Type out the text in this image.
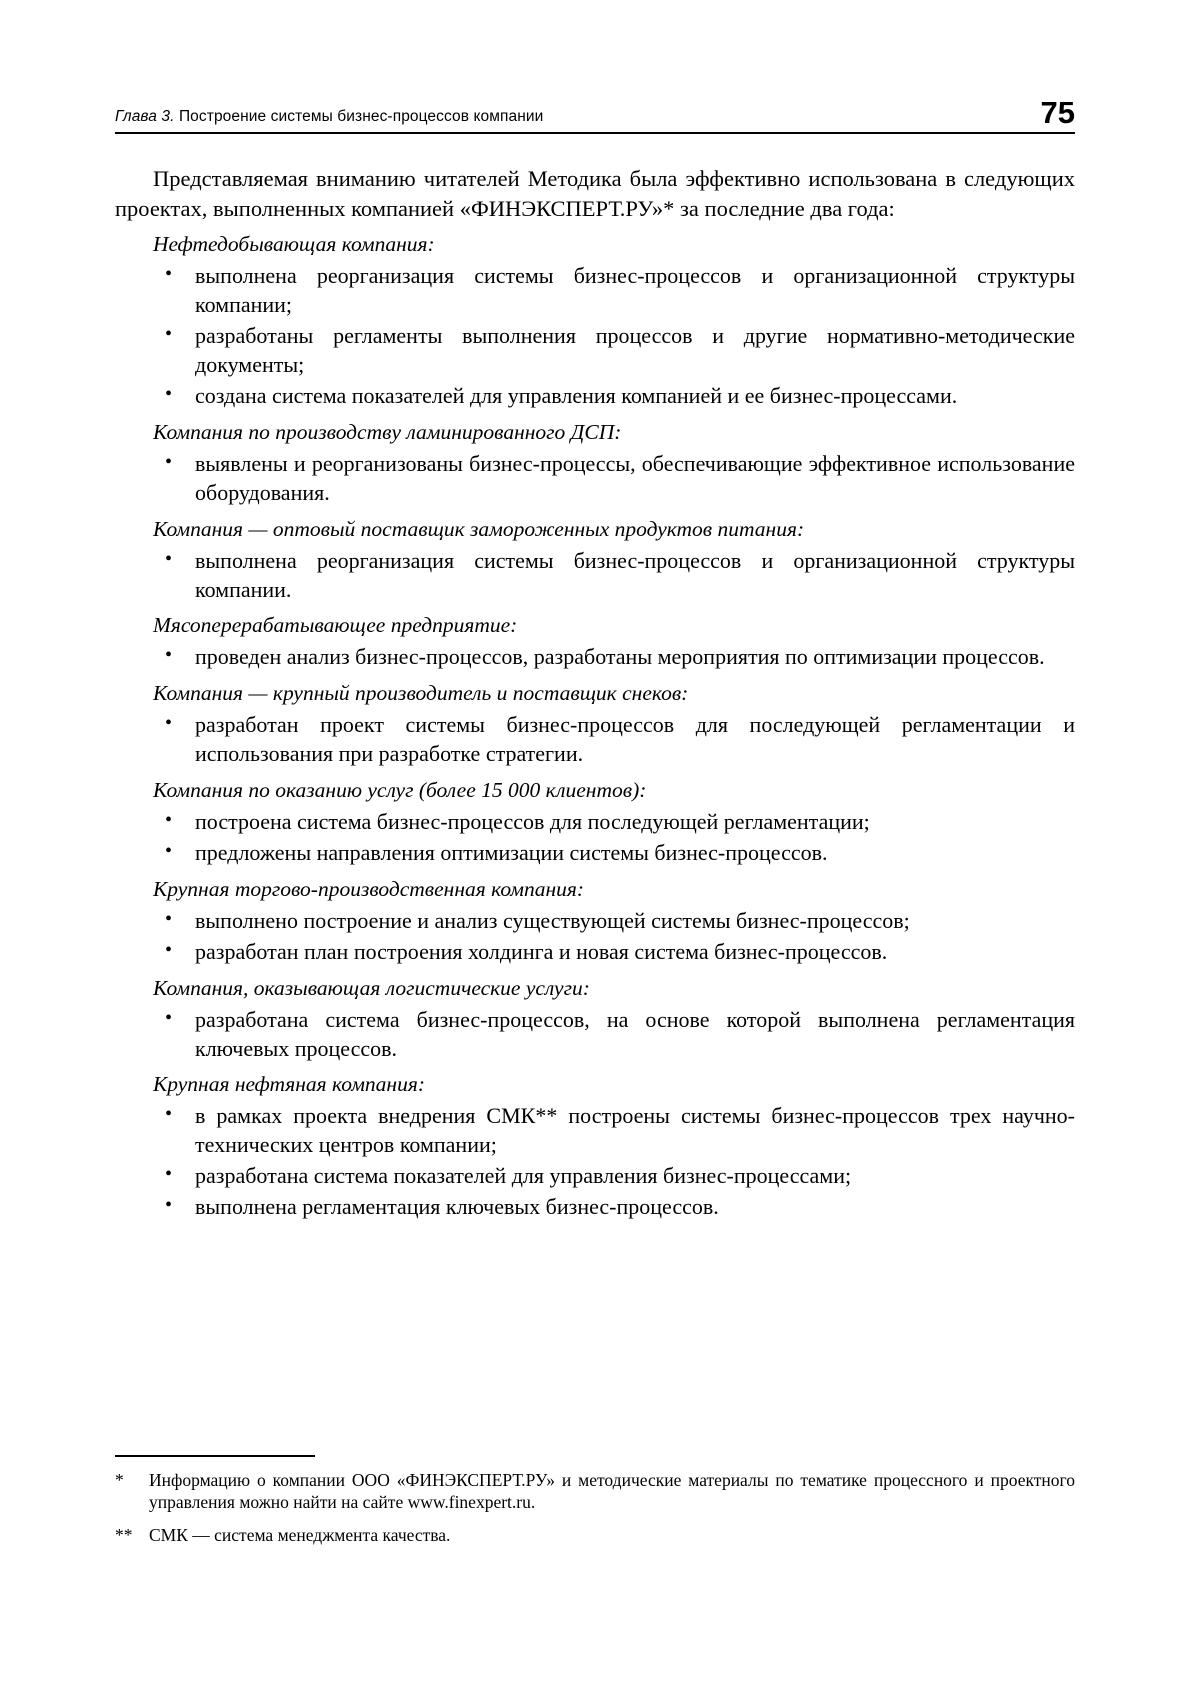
Глава 3. Построение системы бизнес-процессов компании	75

Представляемая вниманию читателей Методика была эффективно использована в следующих проектах, выполненных компанией «ФИНЭКСПЕРТ.РУ»* за последние два года:

Нефтедобывающая компания:
• выполнена реорганизация системы бизнес-процессов и организационной структуры компании;
• разработаны регламенты выполнения процессов и другие нормативно-методические документы;
• создана система показателей для управления компанией и ее бизнес-процессами.
Компания по производству ламинированного ДСП:
• выявлены и реорганизованы бизнес-процессы, обеспечивающие эффективное использование оборудования.
Компания — оптовый поставщик замороженных продуктов питания:
• выполнена реорганизация системы бизнес-процессов и организационной структуры компании.
Мясоперерабатывающее предприятие:
• проведен анализ бизнес-процессов, разработаны мероприятия по оптимизации процессов.
Компания — крупный производитель и поставщик снеков:
• разработан проект системы бизнес-процессов для последующей регламентации и использования при разработке стратегии.
Компания по оказанию услуг (более 15 000 клиентов):
• построена система бизнес-процессов для последующей регламентации;
• предложены направления оптимизации системы бизнес-процессов.
Крупная торгово-производственная компания:
• выполнено построение и анализ существующей системы бизнес-процессов;
• разработан план построения холдинга и новая система бизнес-процессов.
Компания, оказывающая логистические услуги:
• разработана система бизнес-процессов, на основе которой выполнена регламентация ключевых процессов.
Крупная нефтяная компания:
• в рамках проекта внедрения СМК** построены системы бизнес-процессов трех научно-технических центров компании;
• разработана система показателей для управления бизнес-процессами;
• выполнена регламентация ключевых бизнес-процессов.
*	Информацию о компании ООО «ФИНЭКСПЕРТ.РУ» и методические материалы по тематике процессного и проектного управления можно найти на сайте www.finexpert.ru.
** СМК — система менеджмента качества.
